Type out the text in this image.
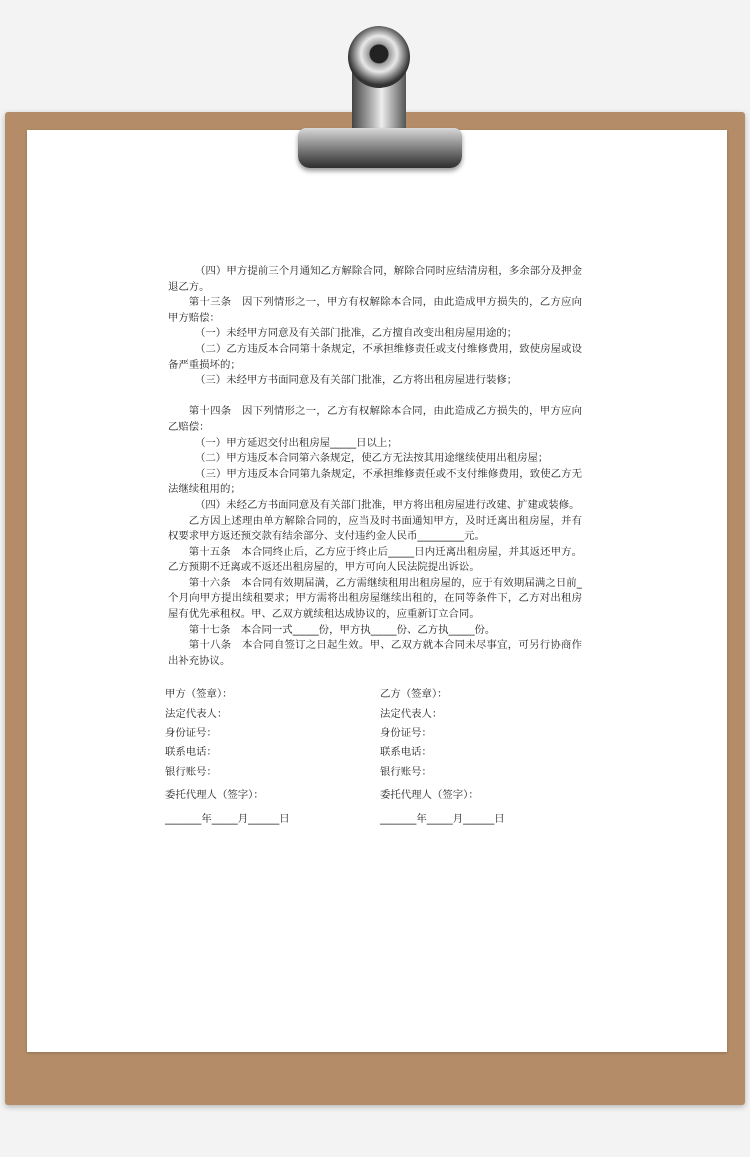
（四）甲方提前三个月通知乙方解除合同，解除合同时应结清房租，多余部分及押金退乙方。

第十三条　因下列情形之一，甲方有权解除本合同，由此造成甲方损失的，乙方应向甲方赔偿：

（一）未经甲方同意及有关部门批准，乙方擅自改变出租房屋用途的；

（二）乙方违反本合同第十条规定，不承担维修责任或支付维修费用，致使房屋或设备严重损坏的；

（三）未经甲方书面同意及有关部门批准，乙方将出租房屋进行装修；

第十四条　因下列情形之一，乙方有权解除本合同，由此造成乙方损失的，甲方应向乙赔偿：

（一）甲方延迟交付出租房屋_____日以上；

（二）甲方违反本合同第六条规定，使乙方无法按其用途继续使用出租房屋；

（三）甲方违反本合同第九条规定，不承担维修责任或不支付维修费用，致使乙方无法继续租用的；

（四）未经乙方书面同意及有关部门批准，甲方将出租房屋进行改建、扩建或装修。

乙方因上述理由单方解除合同的，应当及时书面通知甲方，及时迁离出租房屋，并有权要求甲方返还预交款有结余部分、支付违约金人民币_________元。

第十五条　本合同终止后，乙方应于终止后_____日内迁离出租房屋，并其返还甲方。乙方预期不迁离或不返还出租房屋的，甲方可向人民法院提出诉讼。

第十六条　本合同有效期届满，乙方需继续租用出租房屋的，应于有效期届满之日前_个月向甲方提出续租要求；甲方需将出租房屋继续出租的，在同等条件下，乙方对出租房屋有优先承租权。甲、乙双方就续租达成协议的，应重新订立合同。

第十七条　本合同一式_____份，甲方执_____份、乙方执_____份。

第十八条　本合同自签订之日起生效。甲、乙双方就本合同未尽事宜，可另行协商作出补充协议。

甲方（签章）：
法定代表人：
身份证号：
联系电话：
银行账号：
委托代理人（签字）：
_______年_____月______日
乙方（签章）：
法定代表人：
身份证号：
联系电话：
银行账号：
委托代理人（签字）：
_______年_____月______日
